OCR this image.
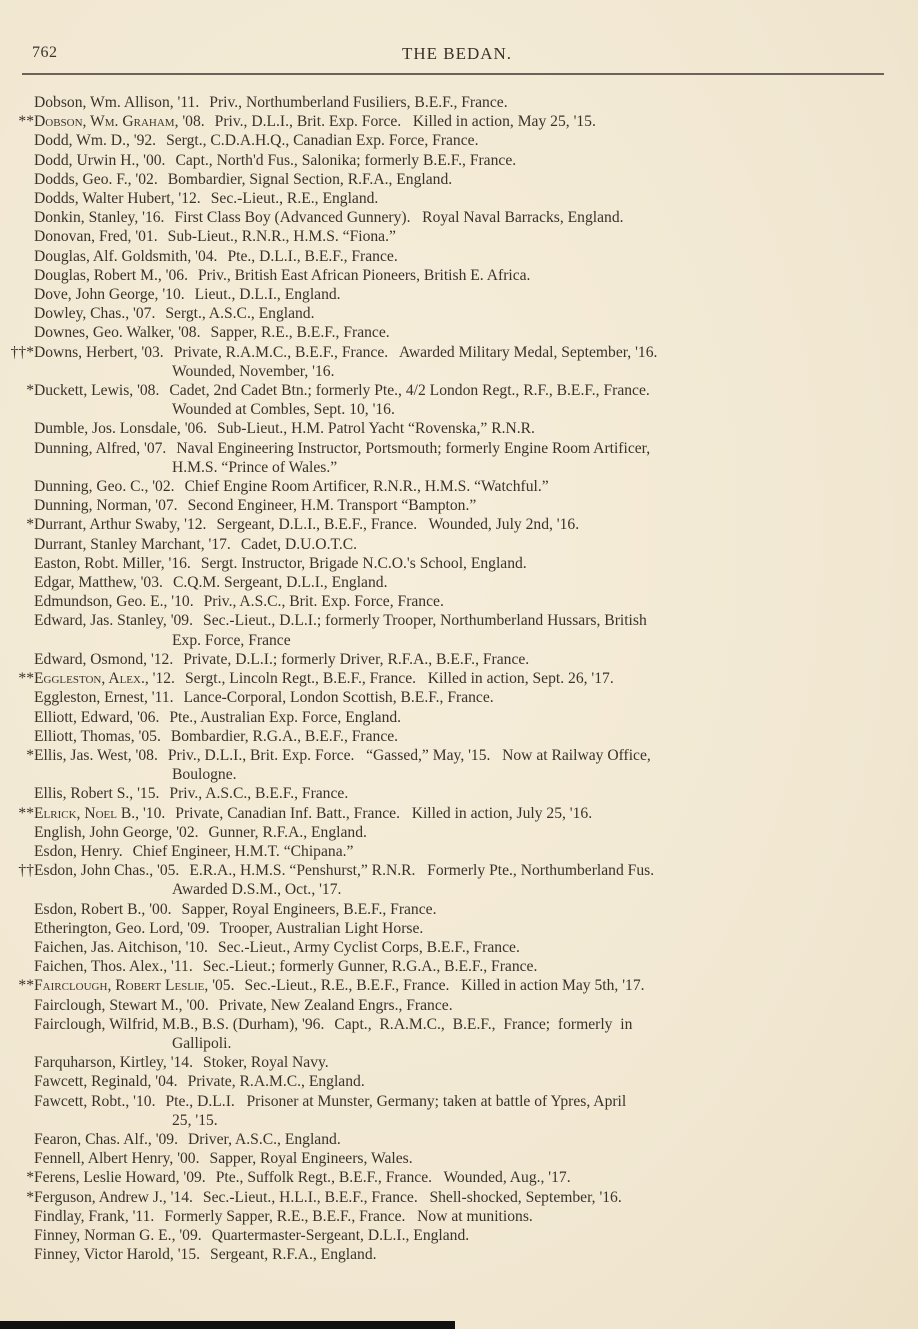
762	THE BEDAN.
Dobson, Wm. Allison, '11. Priv., Northumberland Fusiliers, B.E.F., France.
** Dobson, Wm. Graham, '08. Priv., D.L.I., Brit. Exp. Force.   Killed in action, May 25, '15.
Dodd, Wm. D., '92. Sergt., C.D.A.H.Q., Canadian Exp. Force, France.
Dodd, Urwin H., '00. Capt., North'd Fus., Salonika; formerly B.E.F., France.
Dodds, Geo. F., '02. Bombardier, Signal Section, R.F.A., England.
Dodds, Walter Hubert, '12. Sec.-Lieut., R.E., England.
Donkin, Stanley, '16. First Class Boy (Advanced Gunnery).   Royal Naval Barracks, England.
Donovan, Fred, '01. Sub-Lieut., R.N.R., H.M.S. “Fiona.”
Douglas, Alf. Goldsmith, '04. Pte., D.L.I., B.E.F., France.
Douglas, Robert M., '06. Priv., British East African Pioneers, British E. Africa.
Dove, John George, '10. Lieut., D.L.I., England.
Dowley, Chas., '07. Sergt., A.S.C., England.
Downes, Geo. Walker, '08. Sapper, R.E., B.E.F., France.
††* Downs, Herbert, '03. Private, R.A.M.C., B.E.F., France.   Awarded Military Medal, September, '16.
Wounded, November, '16.
* Duckett, Lewis, '08. Cadet, 2nd Cadet Btn.; formerly Pte., 4/2 London Regt., R.F., B.E.F., France.
Wounded at Combles, Sept. 10, '16.
Dumble, Jos. Lonsdale, '06. Sub-Lieut., H.M. Patrol Yacht “Rovenska,” R.N.R.
Dunning, Alfred, '07. Naval Engineering Instructor, Portsmouth; formerly Engine Room Artificer,
H.M.S. “Prince of Wales.”
Dunning, Geo. C., '02. Chief Engine Room Artificer, R.N.R., H.M.S. “Watchful.”
Dunning, Norman, '07. Second Engineer, H.M. Transport “Bampton.”
* Durrant, Arthur Swaby, '12. Sergeant, D.L.I., B.E.F., France.   Wounded, July 2nd, '16.
Durrant, Stanley Marchant, '17. Cadet, D.U.O.T.C.
Easton, Robt. Miller, '16. Sergt. Instructor, Brigade N.C.O.'s School, England.
Edgar, Matthew, '03. C.Q.M. Sergeant, D.L.I., England.
Edmundson, Geo. E., '10. Priv., A.S.C., Brit. Exp. Force, France.
Edward, Jas. Stanley, '09. Sec.-Lieut., D.L.I.; formerly Trooper, Northumberland Hussars, British
Exp. Force, France
Edward, Osmond, '12. Private, D.L.I.; formerly Driver, R.F.A., B.E.F., France.
** Eggleston, Alex., '12. Sergt., Lincoln Regt., B.E.F., France.   Killed in action, Sept. 26, '17.
Eggleston, Ernest, '11. Lance-Corporal, London Scottish, B.E.F., France.
Elliott, Edward, '06. Pte., Australian Exp. Force, England.
Elliott, Thomas, '05. Bombardier, R.G.A., B.E.F., France.
* Ellis, Jas. West, '08. Priv., D.L.I., Brit. Exp. Force.   “Gassed,” May, '15.   Now at Railway Office,
Boulogne.
Ellis, Robert S., '15. Priv., A.S.C., B.E.F., France.
** Elrick, Noel B., '10. Private, Canadian Inf. Batt., France.   Killed in action, July 25, '16.
English, John George, '02. Gunner, R.F.A., England.
Esdon, Henry. Chief Engineer, H.M.T. “Chipana.”
†† Esdon, John Chas., '05. E.R.A., H.M.S. “Penshurst,” R.N.R.   Formerly Pte., Northumberland Fus.
Awarded D.S.M., Oct., '17.
Esdon, Robert B., '00. Sapper, Royal Engineers, B.E.F., France.
Etherington, Geo. Lord, '09. Trooper, Australian Light Horse.
Faichen, Jas. Aitchison, '10. Sec.-Lieut., Army Cyclist Corps, B.E.F., France.
Faichen, Thos. Alex., '11. Sec.-Lieut.; formerly Gunner, R.G.A., B.E.F., France.
** Fairclough, Robert Leslie, '05. Sec.-Lieut., R.E., B.E.F., France.   Killed in action May 5th, '17.
Fairclough, Stewart M., '00. Private, New Zealand Engrs., France.
Fairclough, Wilfrid, M.B., B.S. (Durham), '96. Capt.,  R.A.M.C.,  B.E.F.,  France;  formerly  in
Gallipoli.
Farquharson, Kirtley, '14. Stoker, Royal Navy.
Fawcett, Reginald, '04. Private, R.A.M.C., England.
Fawcett, Robt., '10. Pte., D.L.I.   Prisoner at Munster, Germany; taken at battle of Ypres, April
25, '15.
Fearon, Chas. Alf., '09. Driver, A.S.C., England.
Fennell, Albert Henry, '00. Sapper, Royal Engineers, Wales.
* Ferens, Leslie Howard, '09. Pte., Suffolk Regt., B.E.F., France.   Wounded, Aug., '17.
* Ferguson, Andrew J., '14. Sec.-Lieut., H.L.I., B.E.F., France.   Shell-shocked, September, '16.
Findlay, Frank, '11. Formerly Sapper, R.E., B.E.F., France.   Now at munitions.
Finney, Norman G. E., '09. Quartermaster-Sergeant, D.L.I., England.
Finney, Victor Harold, '15. Sergeant, R.F.A., England.
